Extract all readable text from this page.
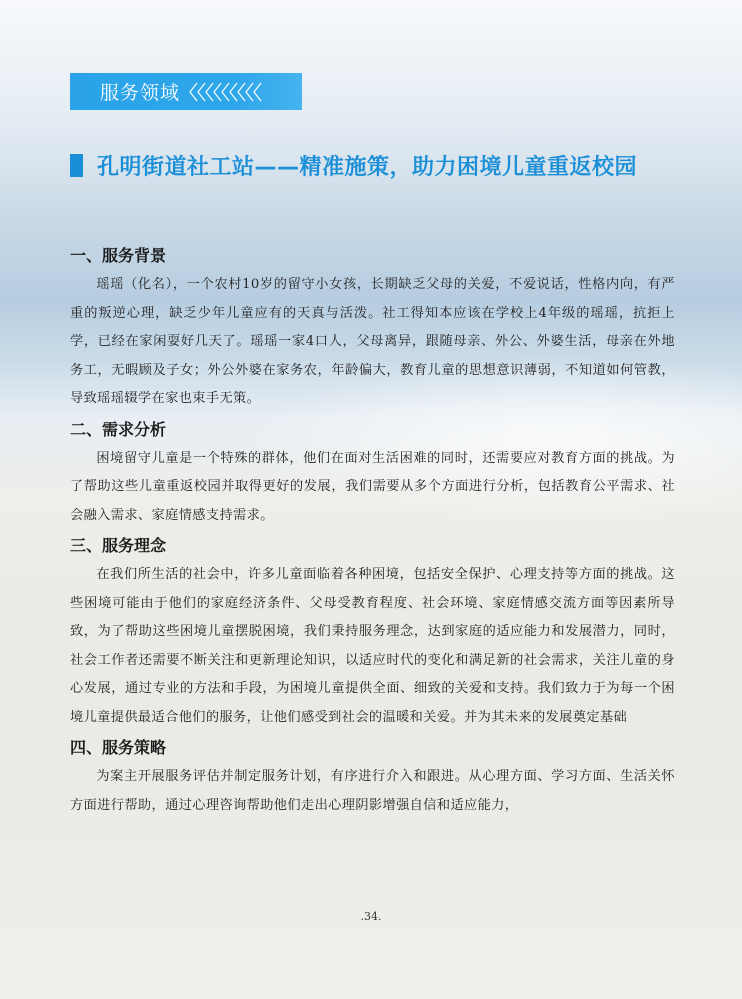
服务领域
孔明街道社工站——精准施策，助力困境儿童重返校园
一、服务背景

瑶瑶（化名），一个农村10岁的留守小女孩，长期缺乏父母的关爱，不爱说话，性格内向，有严重的叛逆心理，缺乏少年儿童应有的天真与活泼。社工得知本应该在学校上4年级的瑶瑶，抗拒上学，已经在家闲耍好几天了。瑶瑶一家4口人，父母离异，跟随母亲、外公、外婆生活，母亲在外地务工，无暇顾及子女；外公外婆在家务农，年龄偏大，教育儿童的思想意识薄弱，不知道如何管教，导致瑶瑶辍学在家也束手无策。

二、需求分析

困境留守儿童是一个特殊的群体，他们在面对生活困难的同时，还需要应对教育方面的挑战。为了帮助这些儿童重返校园并取得更好的发展，我们需要从多个方面进行分析，包括教育公平需求、社会融入需求、家庭情感支持需求。

三、服务理念

在我们所生活的社会中，许多儿童面临着各种困境，包括安全保护、心理支持等方面的挑战。这些困境可能由于他们的家庭经济条件、父母受教育程度、社会环境、家庭情感交流方面等因素所导致，为了帮助这些困境儿童摆脱困境，我们秉持服务理念，达到家庭的适应能力和发展潜力，同时，社会工作者还需要不断关注和更新理论知识，以适应时代的变化和满足新的社会需求，关注儿童的身心发展，通过专业的方法和手段，为困境儿童提供全面、细致的关爱和支持。我们致力于为每一个困境儿童提供最适合他们的服务，让他们感受到社会的温暖和关爱。并为其未来的发展奠定基础

四、服务策略

为案主开展服务评估并制定服务计划，有序进行介入和跟进。从心理方面、学习方面、生活关怀方面进行帮助，通过心理咨询帮助他们走出心理阴影增强自信和适应能力，

.34.
